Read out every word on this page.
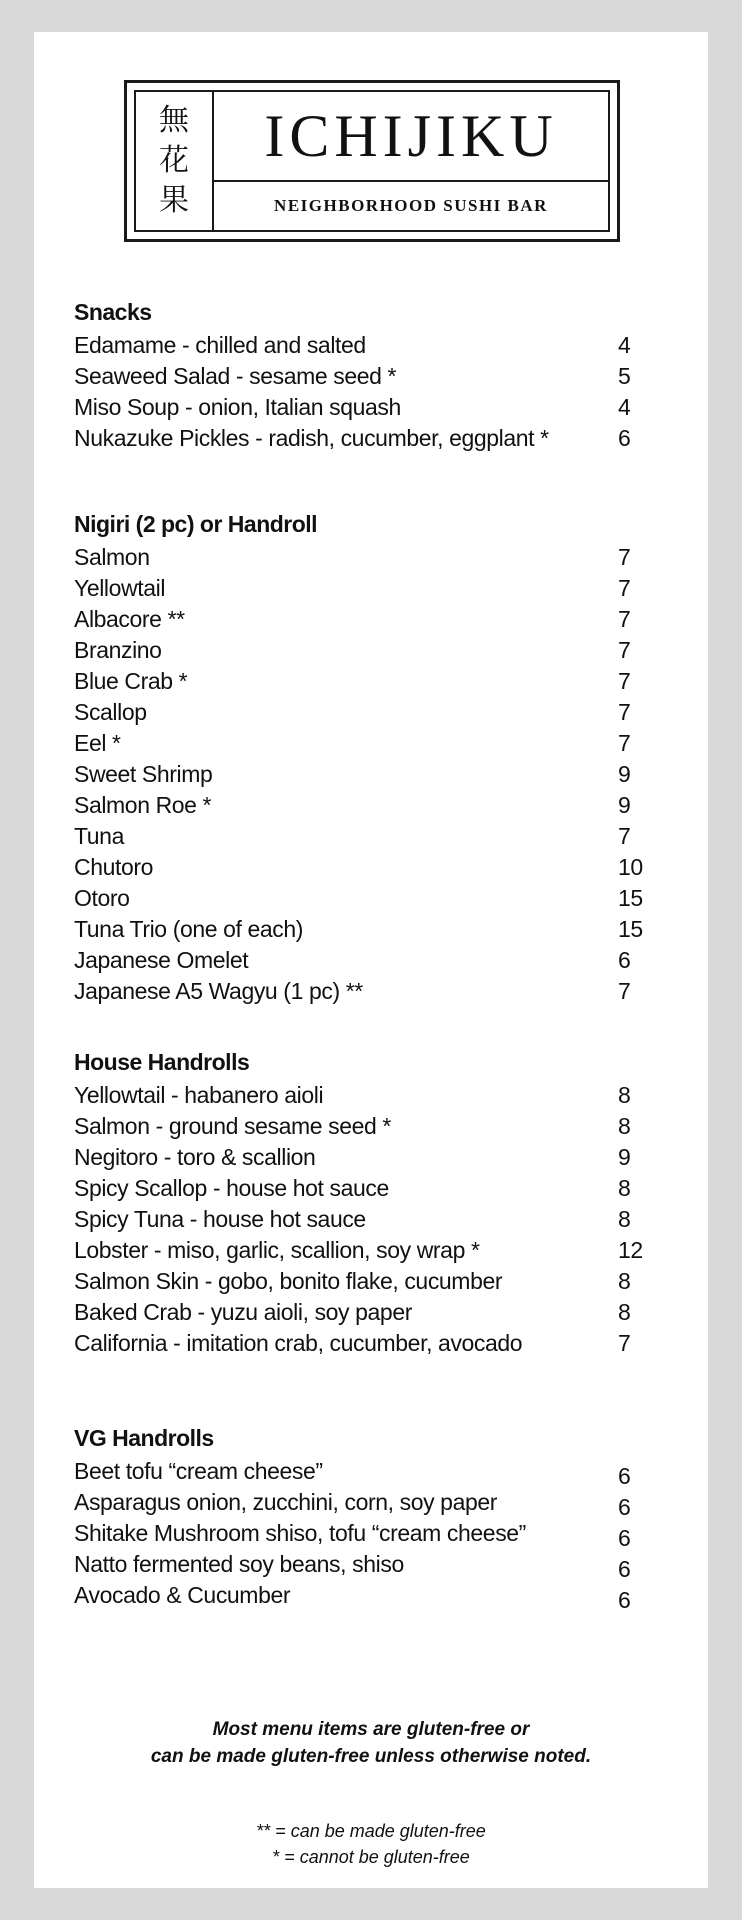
無
花
果
ICHIJIKU
NEIGHBORHOOD SUSHI BAR
Snacks
Edamame - chilled and salted	4
Seaweed Salad - sesame seed *	5
Miso Soup - onion, Italian squash	4
Nukazuke Pickles - radish, cucumber, eggplant *	6
Nigiri (2 pc) or Handroll
Salmon	7
Yellowtail	7
Albacore **	7
Branzino	7
Blue Crab *	7
Scallop	7
Eel *	7
Sweet Shrimp	9
Salmon Roe *	9
Tuna	7
Chutoro	10
Otoro	15
Tuna Trio (one of each)	15
Japanese Omelet	6
Japanese A5 Wagyu (1 pc) **	7
House Handrolls
Yellowtail - habanero aioli	8
Salmon - ground sesame seed *	8
Negitoro - toro & scallion	9
Spicy Scallop - house hot sauce	8
Spicy Tuna - house hot sauce	8
Lobster - miso, garlic, scallion, soy wrap *	12
Salmon Skin - gobo, bonito flake, cucumber	8
Baked Crab - yuzu aioli, soy paper	8
California - imitation crab, cucumber, avocado	7
VG Handrolls
Beet tofu “cream cheese”	6
Asparagus onion, zucchini, corn, soy paper	6
Shitake Mushroom shiso, tofu “cream cheese”	6
Natto fermented soy beans, shiso	6
Avocado & Cucumber	6
Most menu items are gluten-free or
can be made gluten-free unless otherwise noted.
** = can be made gluten-free
* = cannot be gluten-free
